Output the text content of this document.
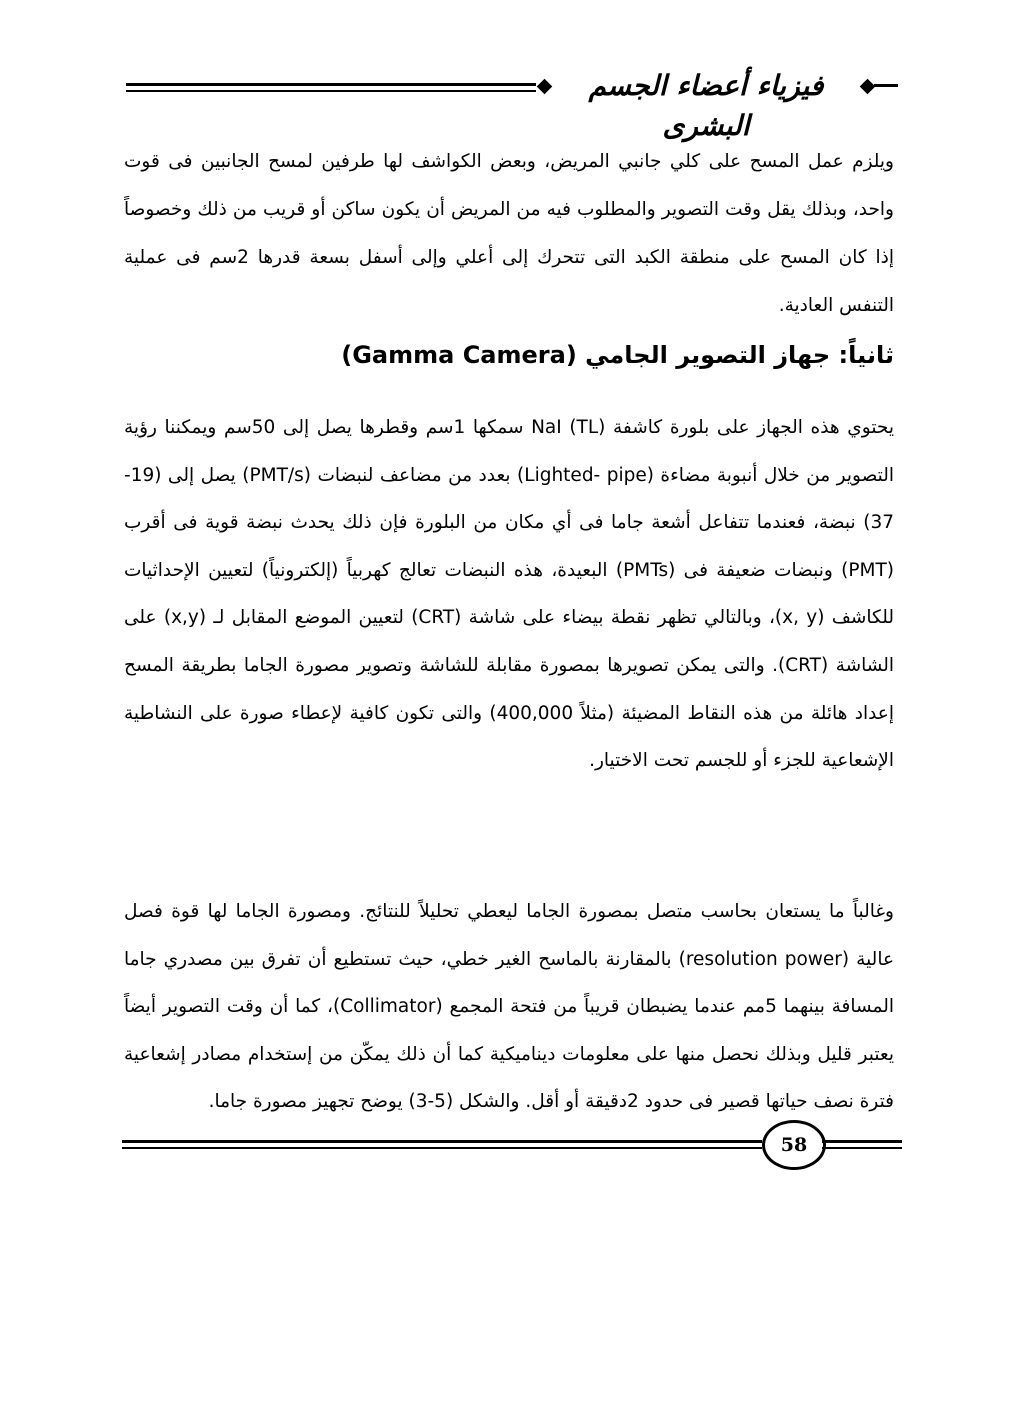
فيزياء أعضاء الجسم البشرى

ويلزم عمل المسح على كلي جانبي المريض، وبعض الكواشف لها طرفين لمسح الجانبين فى قوت واحد، وبذلك يقل وقت التصوير والمطلوب فيه من المريض أن يكون ساكن أو قريب من ذلك وخصوصاً إذا كان المسح على منطقة الكبد التى تتحرك إلى أعلي وإلى أسفل بسعة قدرها 2سم فى عملية التنفس العادية.

ثانياً: جهاز التصوير الجامي (Gamma Camera)

يحتوي هذه الجهاز على بلورة كاشفة (NaI (TL سمكها 1سم وقطرها يصل إلى 50سم ويمكننا رؤية التصوير من خلال أنبوبة مضاءة (Lighted- pipe) بعدد من مضاعف لنبضات (PMT/s) يصل إلى (19-37) نبضة، فعندما تتفاعل أشعة جاما فى أي مكان من البلورة فإن ذلك يحدث نبضة قوية فى أقرب (PMT) ونبضات ضعيفة فى (PMTs) البعيدة، هذه النبضات تعالج كهربياً (إلكترونياً) لتعيين الإحداثيات للكاشف (x, y)، وبالتالي تظهر نقطة بيضاء على شاشة (CRT) لتعيين الموضع المقابل لـ (x,y) على الشاشة (CRT). والتى يمكن تصويرها بمصورة مقابلة للشاشة وتصوير مصورة الجاما بطريقة المسح إعداد هائلة من هذه النقاط المضيئة (مثلاً 400,000) والتى تكون كافية لإعطاء صورة على النشاطية الإشعاعية للجزء أو للجسم تحت الاختيار.

وغالباً ما يستعان بحاسب متصل بمصورة الجاما ليعطي تحليلاً للنتائج. ومصورة الجاما لها قوة فصل عالية (resolution power) بالمقارنة بالماسح الغير خطي، حيث تستطيع أن تفرق بين مصدري جاما المسافة بينهما 5مم عندما يضبطان قريباً من فتحة المجمع (Collimator)، كما أن وقت التصوير أيضاً يعتبر قليل وبذلك نحصل منها على معلومات ديناميكية كما أن ذلك يمكّن من إستخدام مصادر إشعاعية فترة نصف حياتها قصير فى حدود 2دقيقة أو أقل. والشكل (5-3) يوضح تجهيز مصورة جاما.

58
